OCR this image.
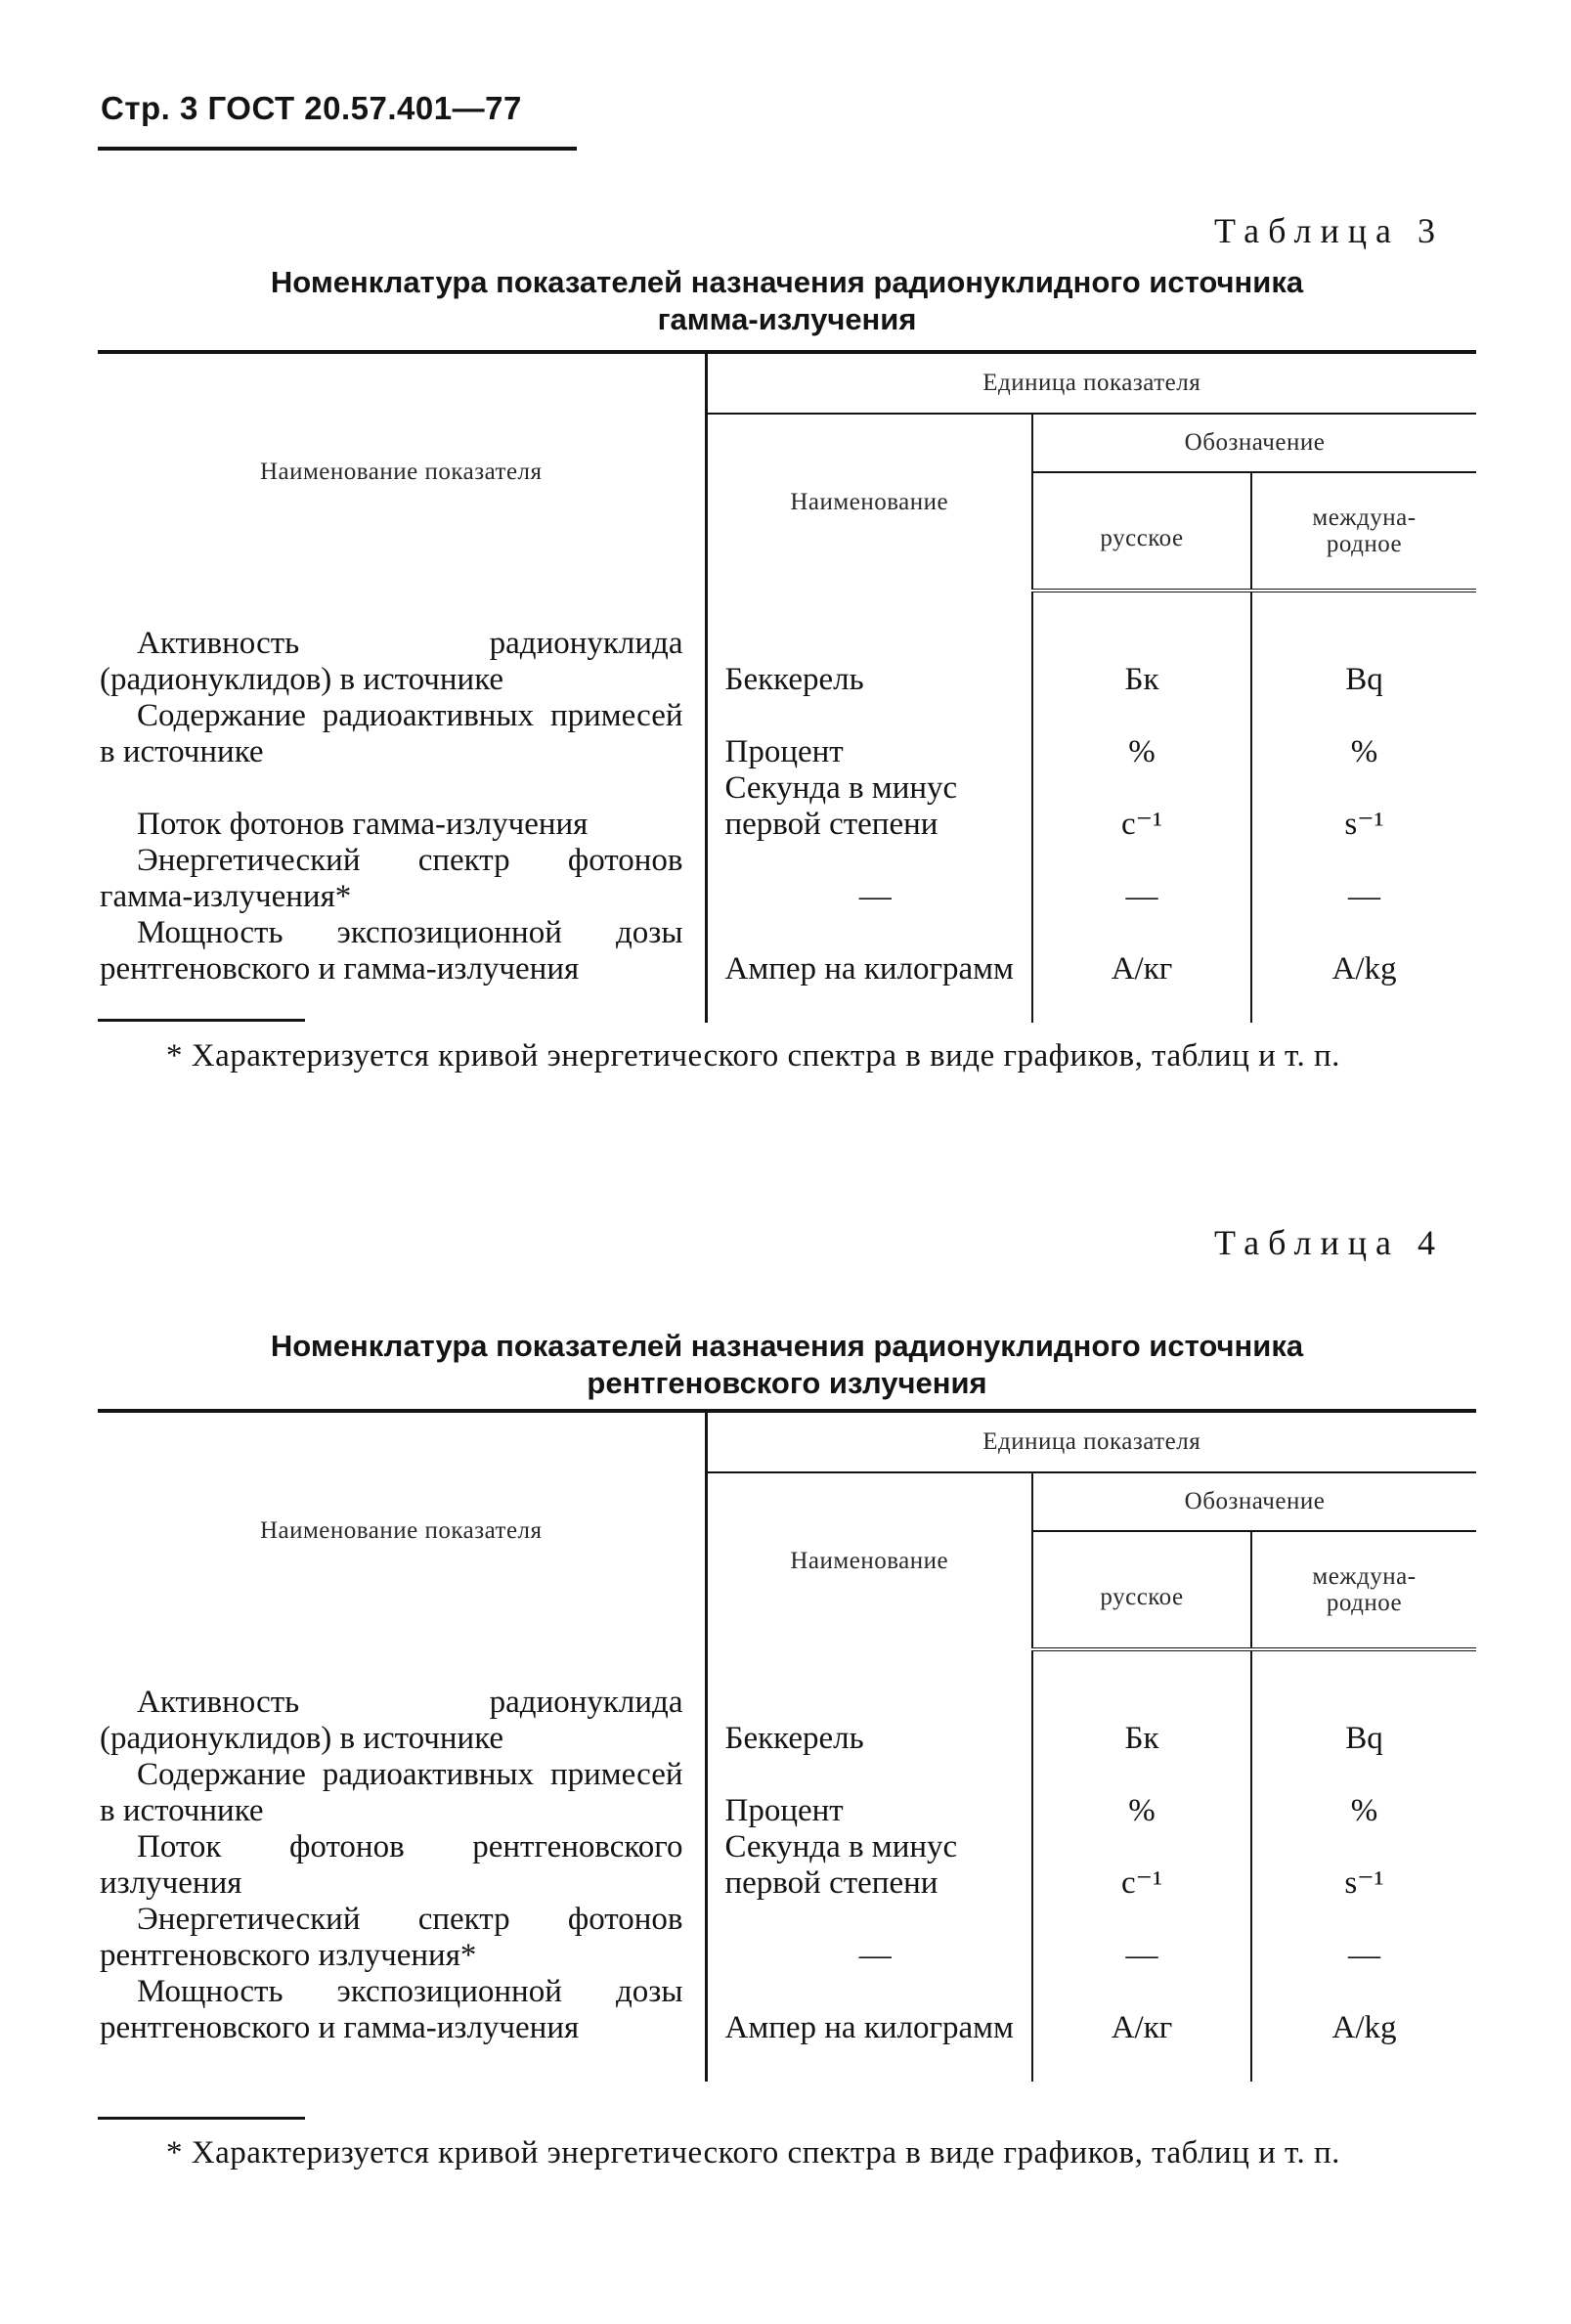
Стр. 3 ГОСТ 20.57.401—77
Таблица 3
Номенклатура показателей назначения радионуклидного источника
гамма-излучения
Наименование показателя	Единица показателя		
	Наименование	Обозначение	
		русское	междуна-
родное
Активность радионуклида (радионуклидов) в источнике	Беккерель	Бк	Bq
Содержание радиоактивных примесей в источнике	Процент	%	%
Поток фотонов гамма-излучения	Секунда в минус первой степени	с⁻¹	s⁻¹
Энергетический спектр фотонов гамма-излучения*	—	—	—
Мощность экспозиционной дозы рентгеновского и гамма-излучения	Ампер на килограмм	А/кг	A/kg
* Характеризуется кривой энергетического спектра в виде графиков, таблиц и т. п.
Таблица 4
Номенклатура показателей назначения радионуклидного источника
рентгеновского излучения
Наименование показателя	Единица показателя		
	Наименование	Обозначение	
		русское	междуна-
родное
Активность радионуклида (радионуклидов) в источнике	Беккерель	Бк	Bq
Содержание радиоактивных примесей в источнике	Процент	%	%
Поток фотонов рентгеновского излучения	Секунда в минус первой степени	с⁻¹	s⁻¹
Энергетический спектр фотонов рентгеновского излучения*	—	—	—
Мощность экспозиционной дозы рентгеновского и гамма-излучения	Ампер на килограмм	А/кг	A/kg
* Характеризуется кривой энергетического спектра в виде графиков, таблиц и т. п.
